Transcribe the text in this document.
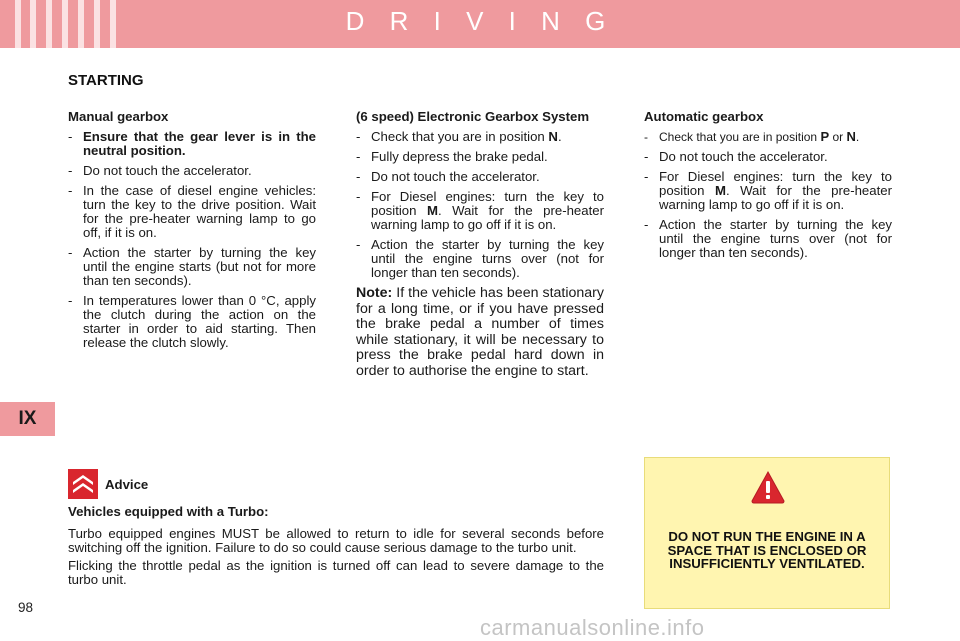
D R I V I N G
STARTING
Manual gearbox
- Ensure that the gear lever is in the neutral position.
- Do not touch the accelerator.
- In the case of diesel engine vehicles: turn the key to the drive position. Wait for the pre-heater warning lamp to go off, if it is on.
- Action the starter by turning the key until the engine starts (but not for more than ten seconds).
- In temperatures lower than 0 °C, apply the clutch during the action on the starter in order to aid starting. Then release the clutch slowly.
(6 speed) Electronic Gearbox System
- Check that you are in position N.
- Fully depress the brake pedal.
- Do not touch the accelerator.
- For Diesel engines: turn the key to position M. Wait for the pre-heater warning lamp to go off if it is on.
- Action the starter by turning the key until the engine turns over (not for longer than ten seconds).
Note: If the vehicle has been stationary for a long time, or if you have pressed the brake pedal a number of times while stationary, it will be necessary to press the brake pedal hard down in order to authorise the engine to start.
Automatic gearbox
- Check that you are in position P or N.
- Do not touch the accelerator.
- For Diesel engines: turn the key to position M. Wait for the pre-heater warning lamp to go off if it is on.
- Action the starter by turning the key until the engine turns over (not for longer than ten seconds).
IX
Advice
Vehicles equipped with a Turbo:

Turbo equipped engines MUST be allowed to return to idle for several seconds before switching off the ignition. Failure to do so could cause serious damage to the turbo unit.

Flicking the throttle pedal as the ignition is turned off can lead to severe damage to the turbo unit.

DO NOT RUN THE ENGINE IN A SPACE THAT IS ENCLOSED OR INSUFFICIENTLY VENTILATED.
98
carmanualsonline.info
